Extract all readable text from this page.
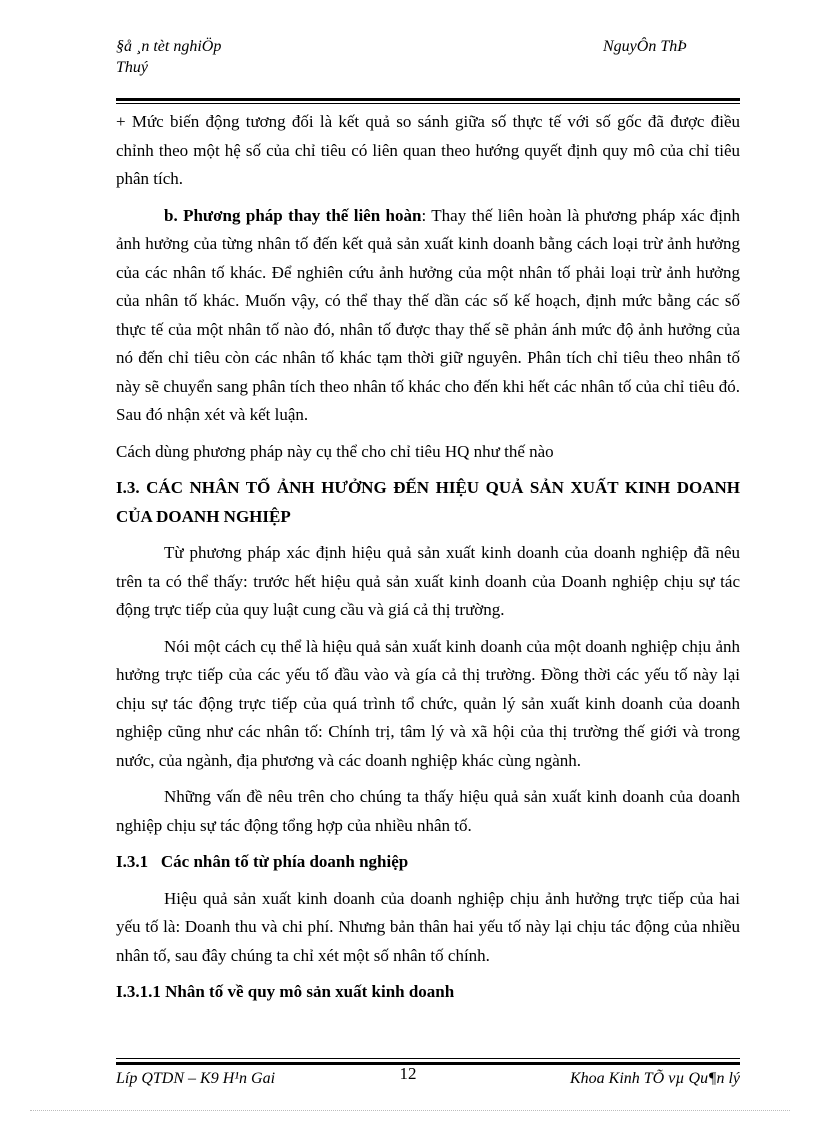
§å ¸n tèt nghiÖp
Thuý
NguyÔn ThÞ

+ Mức biến động tương đối là kết quả so sánh giữa số thực tế với số gốc đã được điều chỉnh theo một hệ số của chỉ tiêu có liên quan theo hướng quyết định quy mô của chỉ tiêu phân tích.

b. Phương pháp thay thế liên hoàn: Thay thế liên hoàn là phương pháp xác định ảnh hưởng của từng nhân tố đến kết quả sản xuất kinh doanh bằng cách loại trừ ảnh hưởng của các nhân tố khác. Để nghiên cứu ảnh hưởng của một nhân tố phải loại trừ ảnh hưởng của nhân tố khác. Muốn vậy, có thể thay thế dần các số kế hoạch, định mức bằng các số thực tế của một nhân tố nào đó, nhân tố được thay thế sẽ phản ánh mức độ ảnh hưởng của nó đến chỉ tiêu còn các nhân tố khác tạm thời giữ nguyên. Phân tích chỉ tiêu theo nhân tố này sẽ chuyển sang phân tích theo nhân tố khác cho đến khi hết các nhân tố của chỉ tiêu đó. Sau đó nhận xét và kết luận.

Cách dùng phương pháp này cụ thể cho chỉ tiêu HQ như thế nào

I.3. CÁC NHÂN TỐ ẢNH HƯỞNG ĐẾN HIỆU QUẢ SẢN XUẤT KINH DOANH CỦA DOANH NGHIỆP

Từ phương pháp xác định hiệu quả sản xuất kinh doanh của doanh nghiệp đã nêu trên ta có thể thấy: trước hết hiệu quả sản xuất kinh doanh của Doanh nghiệp chịu sự tác động trực tiếp của quy luật cung cầu và giá cả thị trường.

Nói một cách cụ thể là hiệu quả sản xuất kinh doanh của một doanh nghiệp chịu ảnh hưởng trực tiếp của các yếu tố đầu vào và gía cả thị trường. Đồng thời các yếu tố này lại chịu sự tác động trực tiếp của quá trình tổ chức, quản lý sản xuất kinh doanh của doanh nghiệp cũng như các nhân tố: Chính trị, tâm lý và xã hội của thị trường thế giới và trong nước, của ngành, địa phương và các doanh nghiệp khác cùng ngành.

Những vấn đề nêu trên cho chúng ta thấy hiệu quả sản xuất kinh doanh của doanh nghiệp chịu sự tác động tổng hợp của nhiều nhân tố.

I.3.1   Các nhân tố từ phía doanh nghiệp

Hiệu quả sản xuất kinh doanh của doanh nghiệp chịu ảnh hưởng trực tiếp của hai yếu tố là: Doanh thu và chi phí. Nhưng bản thân hai yếu tố này lại chịu tác động của nhiều nhân tố, sau đây chúng ta chỉ xét một số nhân tố chính.

I.3.1.1 Nhân tố về quy mô sản xuất kinh doanh

Líp QTDN – K9 H¹n Gai	12	Khoa Kinh TÕ vµ Qu¶n lý
